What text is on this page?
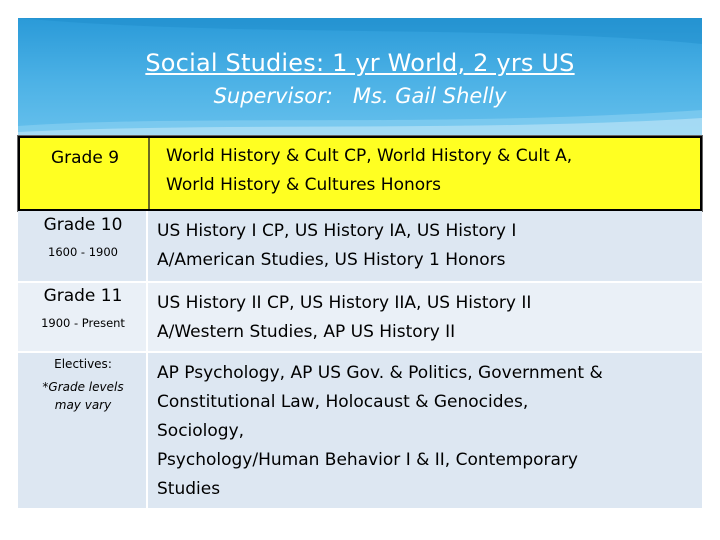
Social Studies: 1 yr World, 2 yrs US
Supervisor:   Ms. Gail Shelly
Grade 9	World History & Cult CP, World History & Cult A,
World History & Cultures Honors
Grade 10
1600 - 1900
US History I CP, US History IA, US History I
A/American Studies, US History 1 Honors
Grade 11
1900 - Present
US History II CP, US History IIA, US History II
A/Western Studies, AP US History II
Electives:
*Grade levels
may vary
AP Psychology, AP US Gov. & Politics, Government &
Constitutional Law, Holocaust & Genocides,
Sociology,
Psychology/Human Behavior I & II, Contemporary
Studies
